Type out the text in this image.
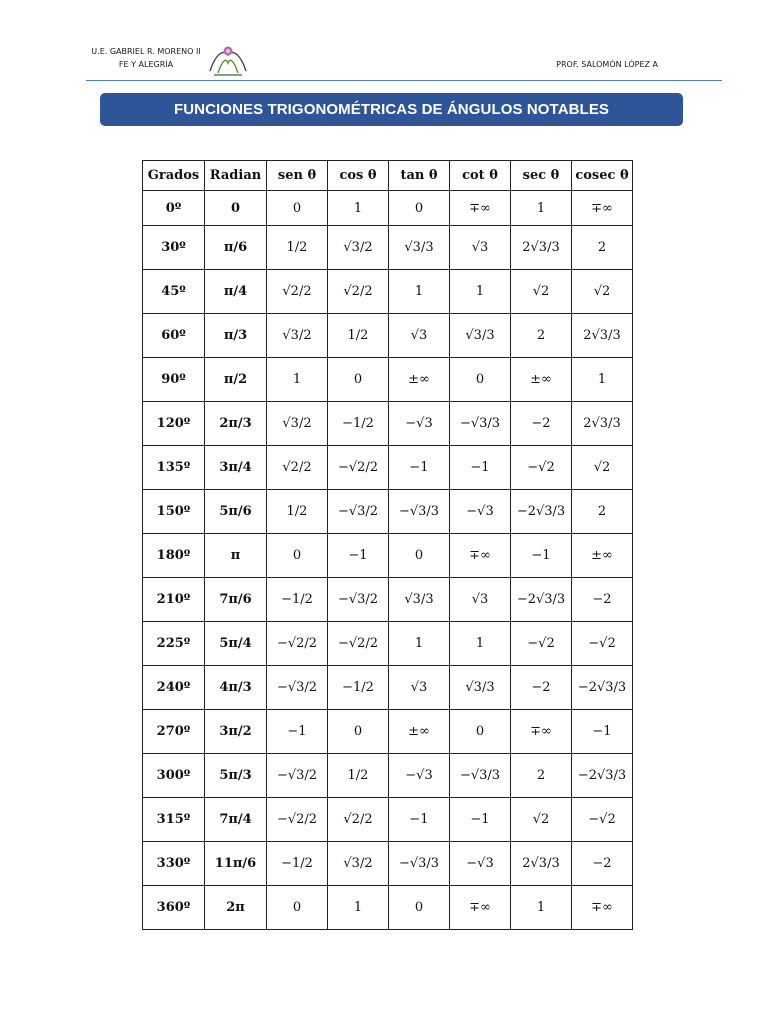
U.E. GABRIEL R. MORENO II
FE Y ALEGRÍA	PROF. SALOMÓN LÓPEZ A
FUNCIONES TRIGONOMÉTRICAS DE ÁNGULOS NOTABLES
Grados	Radian	sen θ	cos θ	tan θ	cot θ	sec θ	cosec θ
0º	0	0	1	0	∓∞	1	∓∞
30º	π/6	1/2	√3/2	√3/3	√3	2√3/3	2
45º	π/4	√2/2	√2/2	1	1	√2	√2
60º	π/3	√3/2	1/2	√3	√3/3	2	2√3/3
90º	π/2	1	0	±∞	0	±∞	1
120º	2π/3	√3/2	−1/2	−√3	−√3/3	−2	2√3/3
135º	3π/4	√2/2	−√2/2	−1	−1	−√2	√2
150º	5π/6	1/2	−√3/2	−√3/3	−√3	−2√3/3	2
180º	π	0	−1	0	∓∞	−1	±∞
210º	7π/6	−1/2	−√3/2	√3/3	√3	−2√3/3	−2
225º	5π/4	−√2/2	−√2/2	1	1	−√2	−√2
240º	4π/3	−√3/2	−1/2	√3	√3/3	−2	−2√3/3
270º	3π/2	−1	0	±∞	0	∓∞	−1
300º	5π/3	−√3/2	1/2	−√3	−√3/3	2	−2√3/3
315º	7π/4	−√2/2	√2/2	−1	−1	√2	−√2
330º	11π/6	−1/2	√3/2	−√3/3	−√3	2√3/3	−2
360º	2π	0	1	0	∓∞	1	∓∞
